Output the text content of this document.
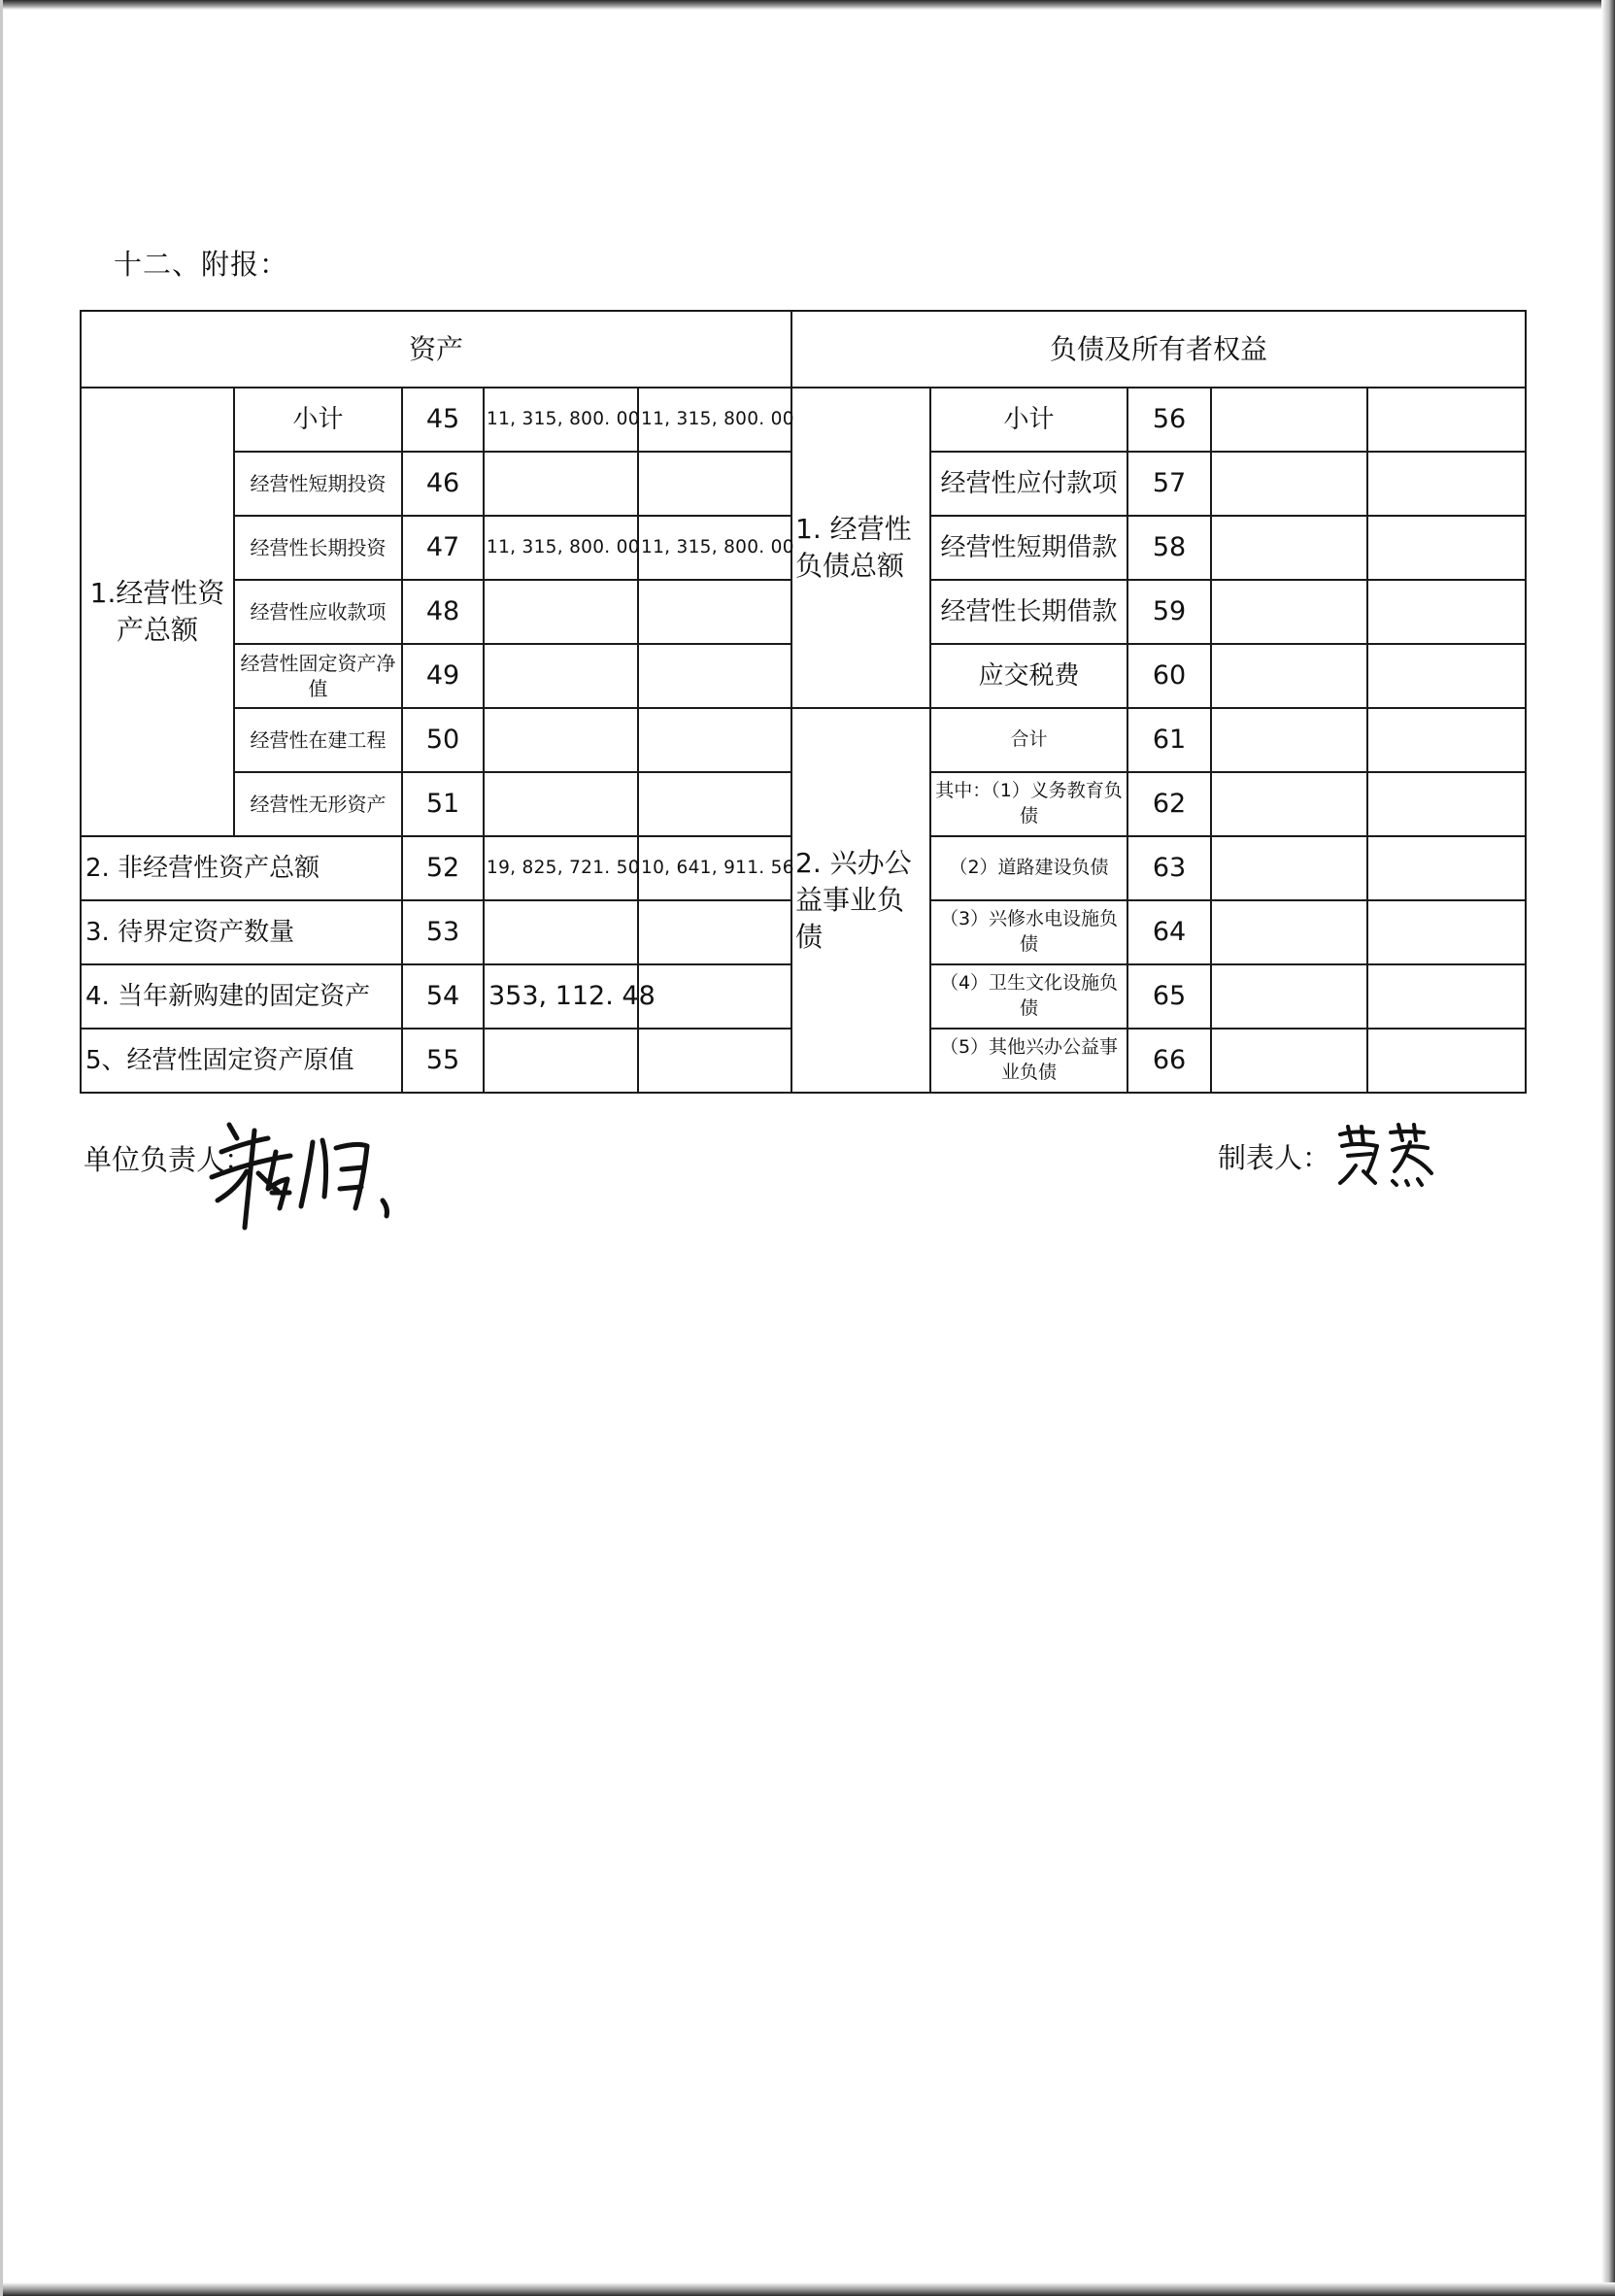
十二、附报：
资产					负债及所有者权益				
1.经营性资产总额	小计	45	11, 315, 800. 00	11, 315, 800. 00	1. 经营性负债总额	小计	56		
	经营性短期投资	46				经营性应付款项	57		
	经营性长期投资	47	11, 315, 800. 00	11, 315, 800. 00		经营性短期借款	58		
	经营性应收款项	48				经营性长期借款	59		
	经营性固定资产净值	49				应交税费	60		
	经营性在建工程	50			2. 兴办公益事业负债	合计	61		
	经营性无形资产	51				其中：（1）义务教育负债	62		
2. 非经营性资产总额		52	19, 825, 721. 50	10, 641, 911. 56		（2）道路建设负债	63		
3. 待界定资产数量		53				（3）兴修水电设施负债	64		
4. 当年新购建的固定资产		54	353, 112. 48			（4）卫生文化设施负债	65		
5、经营性固定资产原值		55				（5）其他兴办公益事业负债	66		
单位负责人：	制表人：
